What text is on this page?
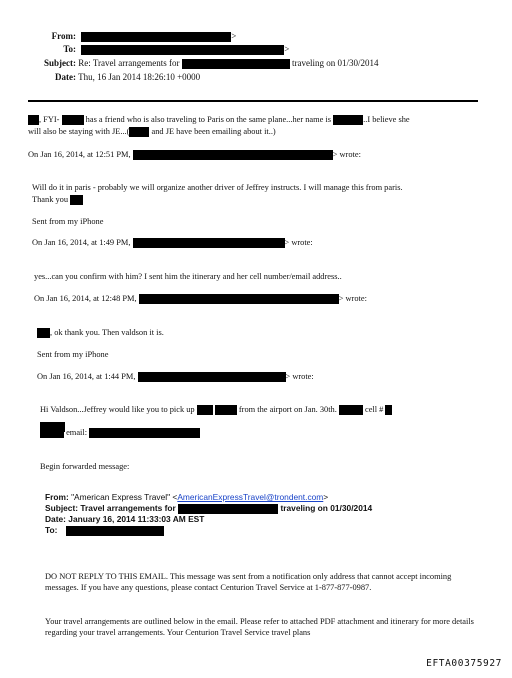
From:	>
To:	>
Subject: Re: Travel arrangements for	traveling on 01/30/2014
Date: Thu, 16 Jan 2014 18:26:10 +0000
, FYI-	has a friend who is also traveling to Paris on the same plane...her name is	..I believe she
will also be staying with JE...(	and JE have been emailing about it..)
On Jan 16, 2014, at 12:51 PM,	> wrote:
Will do it in paris - probably we will organize another driver of Jeffrey instructs. I will manage this from paris.
Thank you
Sent from my iPhone
On Jan 16, 2014, at 1:49 PM,	> wrote:
yes...can you confirm with him? I sent him the itinerary and her cell number/email address..
On Jan 16, 2014, at 12:48 PM,	> wrote:
, ok thank you. Then valdson it is.
Sent from my iPhone
On Jan 16, 2014, at 1:44 PM,	> wrote:
Hi Valdson...Jeffrey would like you to pick up	from the airport on Jan. 30th.	cell #
email:
Begin forwarded message:
From: "American Express Travel" <AmericanExpressTravel@trondent.com>
Subject: Travel arrangements for	traveling on 01/30/2014
Date: January 16, 2014 11:33:03 AM EST
To:
DO NOT REPLY TO THIS EMAIL. This message was sent from a notification only address that cannot accept incoming messages. If you have any questions, please contact Centurion Travel Service at 1-877-877-0987.
Your travel arrangements are outlined below in the email. Please refer to attached PDF attachment and itinerary for more details regarding your travel arrangements. Your Centurion Travel Service travel plans
EFTA00375927
